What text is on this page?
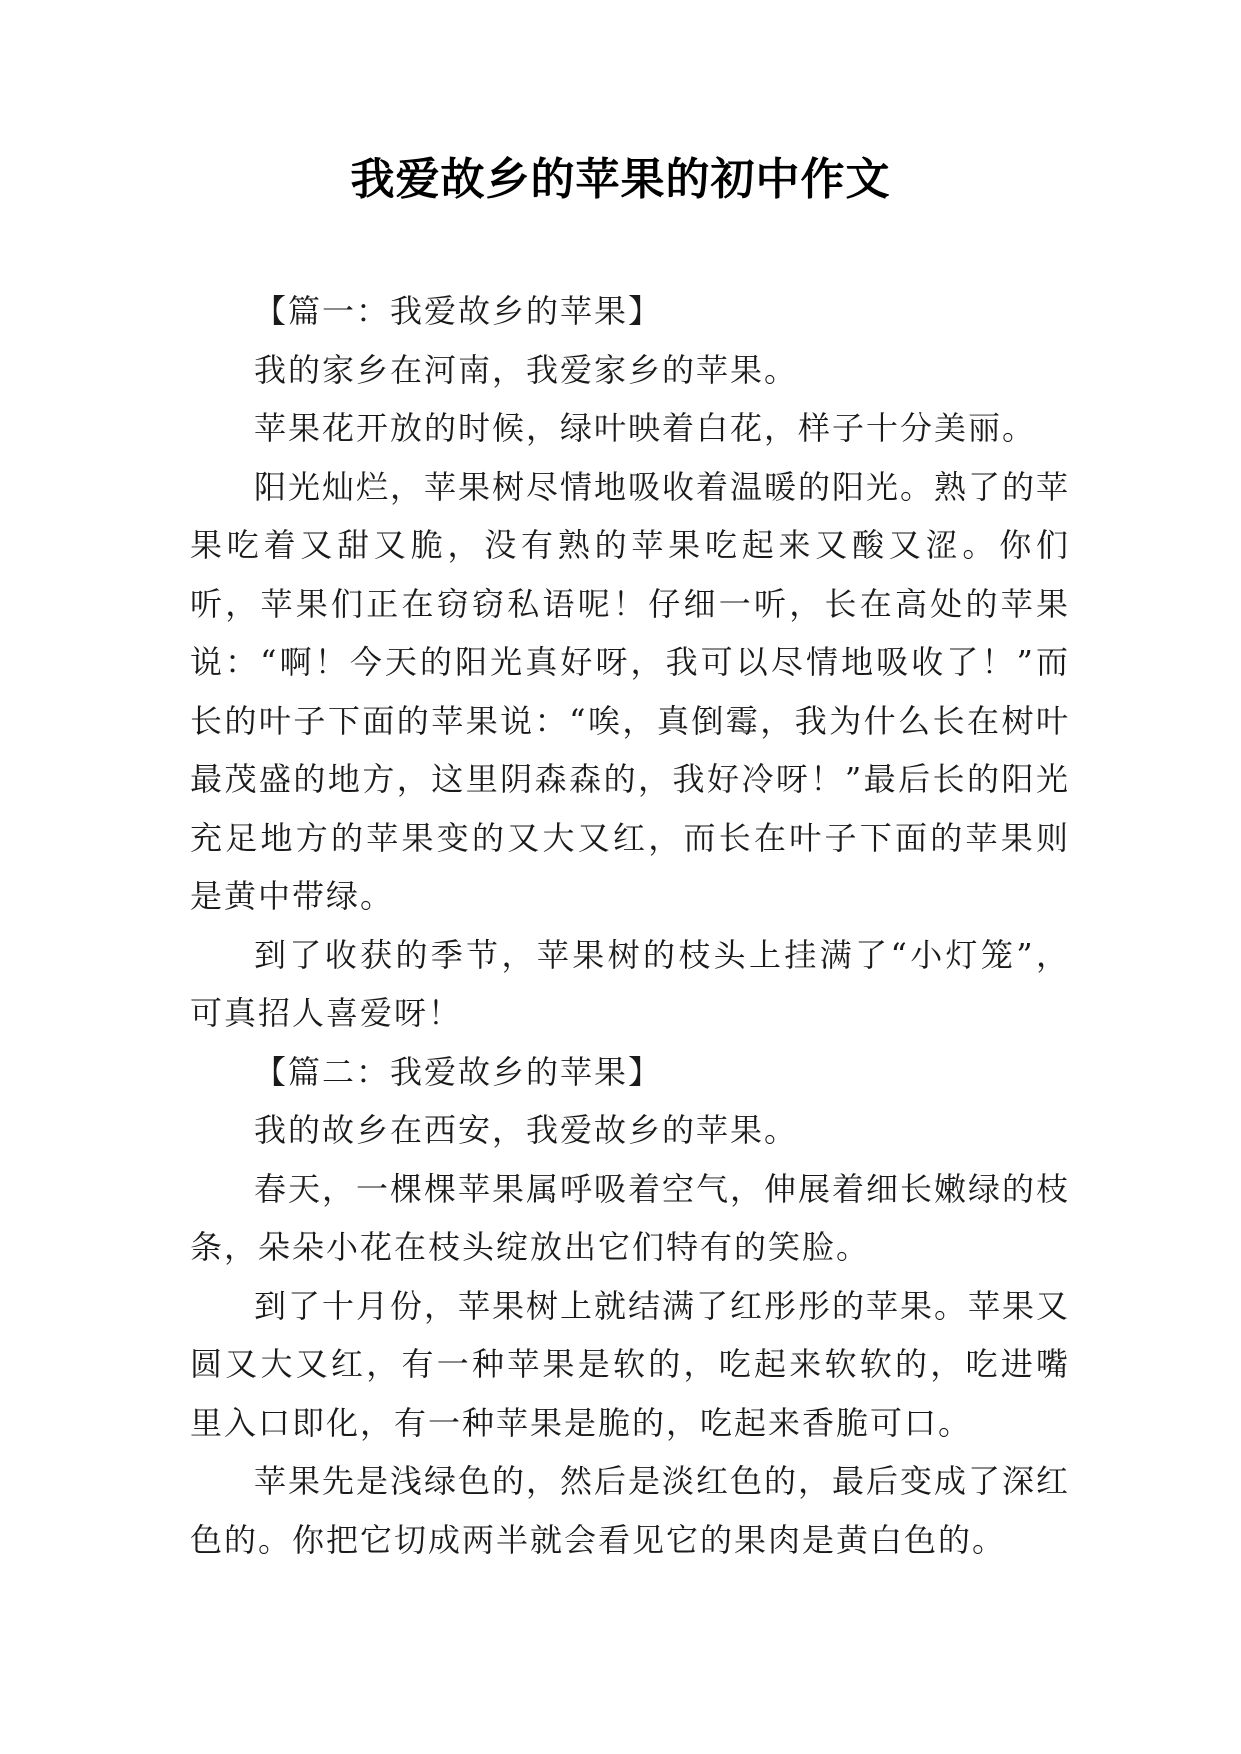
我爱故乡的苹果的初中作文

【篇一：我爱故乡的苹果】

我的家乡在河南，我爱家乡的苹果。

苹果花开放的时候，绿叶映着白花，样子十分美丽。

阳光灿烂，苹果树尽情地吸收着温暖的阳光。熟了的苹果吃着又甜又脆，没有熟的苹果吃起来又酸又涩。你们听，苹果们正在窃窃私语呢！仔细一听，长在高处的苹果说：“啊！今天的阳光真好呀，我可以尽情地吸收了！”而长的叶子下面的苹果说：“唉，真倒霉，我为什么长在树叶最茂盛的地方，这里阴森森的，我好冷呀！”最后长的阳光充足地方的苹果变的又大又红，而长在叶子下面的苹果则是黄中带绿。

到了收获的季节，苹果树的枝头上挂满了“小灯笼”，可真招人喜爱呀！

【篇二：我爱故乡的苹果】

我的故乡在西安，我爱故乡的苹果。

春天，一棵棵苹果属呼吸着空气，伸展着细长嫩绿的枝条，朵朵小花在枝头绽放出它们特有的笑脸。

到了十月份，苹果树上就结满了红彤彤的苹果。苹果又圆又大又红，有一种苹果是软的，吃起来软软的，吃进嘴里入口即化，有一种苹果是脆的，吃起来香脆可口。

苹果先是浅绿色的，然后是淡红色的，最后变成了深红色的。你把它切成两半就会看见它的果肉是黄白色的。
